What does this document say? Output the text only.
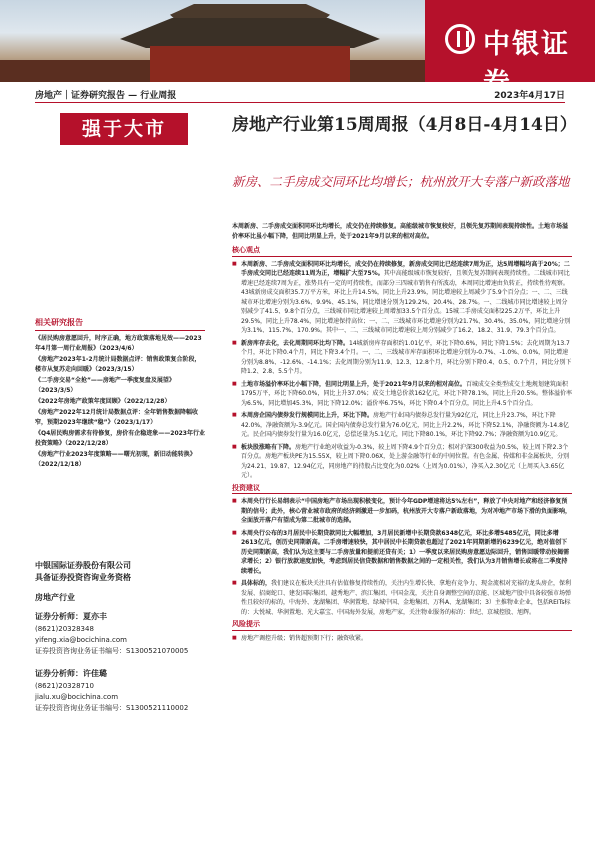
中银证券
房地产｜证券研究报告 — 行业周报	2023年4月17日
强于大市	房地产行业第15周周报（4月8日-4月14日）
新房、二手房成交同环比均增长；杭州放开大专落户新政落地
相关研究报告
《居民购房意愿回升，时序正确，地方政策落地见效——2023年4月第一周行业周报》（2023/4/6）
《房地产2023年1-2月统计局数据点评：销售政策复合阶段，楼市从复苏走向回暖》（2023/3/15）
《二手房交易“全抢”——房地产一季度复盘及展望》（2023/3/5）
《2022年房地产政策年度回顾》（2022/12/28）
《房地产2022年12月统计局数据点评：全年销售数据降幅收窄，预期2023年继续“稳”》（2023/1/17）
《Q4居民购房需求有待修复，房价有企稳迹象——2023年行业投资策略》（2022/12/28）
《房地产行业2023年度策略——曙光初现，新旧动能转换》（2022/12/18）
中银国际证券股份有限公司
具备证券投资咨询业务资格
房地产行业
证券分析师：夏亦丰
(8621)20328348
yifeng.xia@bocichina.com
证券投资咨询业务证书编号：S1300521070005
证券分析师：许佳璐
(8621)20328710
jialu.xu@bocichina.com
证券投资咨询业务证书编号：S1300521110002
本周新房、二手房成交面积同环比均增长，成交仍在持续修复。高能级城市恢复较好，且领先复苏期间表现持续性。土地市场溢价率环比虽小幅下降，但同比明显上升，处于2021年9月以来的相对高位。
核心观点
■ 本周新房、二手房成交面积同环比均增长，成交仍在持续修复，新房成交同比已经连续7周为正，达5周增幅均高于20%；二手房成交同比已经连续11周为正，增幅扩大至75%。其中高能级城市恢复较好，且领先复苏期间表现持续性。二线城市同比增速已经连续7周为正，涨势具有一定的可持续性，而部分三四城市销售有所波动，本周同比增速由负转正，持续性待观察。43城新房成交面积35.7万平方米，环比上升14.5%，同比上升23.9%，同比增速较上周减少了5.9个百分点；一、二、三线城市环比增速分别为3.6%、9.9%、45.1%，同比增速分别为129.2%、20.4%、28.7%。一、二线城市同比增速较上周分别减少了41.5、9.8个百分点，三线城市同比增速较上周增加33.5个百分点。15城二手房成交面积225.2万平，环比上升29.5%，同比上升78.4%，同比增速保持高位；一、二、三线城市环比增速分别为21.7%、30.4%、35.0%，同比增速分别为3.1%、115.7%、170.9%。其中一、二、三线城市同比增速较上周分别减少了16.2、18.2、31.9、79.3个百分点。
■ 新房库存去化，去化周期同环比均下降。14城新房库存面积约1.01亿平，环比下降0.6%，同比下降1.5%；去化周期为13.7个月，环比下降0.4个月，同比下降3.4个月。一、二、三线城市库存面积环比增速分别为-0.7%、-1.0%、0.0%，同比增速分别为8.8%、-12.6%、-14.1%；去化周期分别为11.9、12.3、12.8个月，环比分别下降0.4、0.5、0.7个月，同比分别下降1.2、2.8、5.5个月。
■ 土地市场溢价率环比小幅下降，但同比明显上升，处于2021年9月以来的相对高位。百城成交全类型成交土地规划建筑面积1795万平，环比下降60.0%，同比上升37.0%；成交土地总价款162亿元，环比下降78.1%，同比上升20.5%。整体溢价率为6.5%，同比增加45.3%，同比下降12.0%；溢价率6.75%，环比下降0.4个百分点，同比上升4.5个百分点。
■ 本周房企国内债券发行规模同比上升，环比下降。房地产行业国内债券总发行量为92亿元，同比上升23.7%，环比下降42.0%，净融资额为-3.9亿元。国企国内债券总发行量为76.0亿元，同比上升2.2%，环比下降52.1%，净融资额为-14.8亿元。民企国内债券发行量为16.0亿元，总偿还量为5.1亿元，同比下降80.1%，环比下降92.7%；净融资额为10.9亿元。
■ 板块股涨略有下降。房地产行业绝对收益为-0.3%，较上周下降4.9个百分点；相对沪深300收益为0.5%，较上周下降2.3个百分点。房地产板块PE为15.55X，较上周下降0.06X，处上游金融等行业的中间位置。有色金属、传媒和非金属板块，分别为24.21、19.87、12.94亿元，同房地产的持股占比变化为0.02%（上周为0.01%），净买入2.30亿元（上周买入3.65亿元）。
投资建议
■ 本周央行行长易纲表示“中国房地产市场出现积极变化，预计今年GDP增速将达5%左右”，释放了中央对地产和经济修复预期的信号；此外，核心营业城市政府的经济刺激进一步加码，杭州放开大专落户新政落地，为对冲地产市场下滑的负面影响，全面放开落户有望成为第二批城市的选择。
■ 本周央行公布的3月居民中长期贷款同比大幅增加，3月居民新增中长期贷款6348亿元，环比多增5485亿元，同比多增2613亿元，创历史同期新高。二手房增速较快，其中居民中长期贷款也超过了2021年同期新增的6239亿元，绝对值创下历史同期新高，我们认为这主要与二手房放量和提前还贷有关；1）一季度以来居民购房意愿边际回升，销售回暖带动按揭需求增长；2）银行放款速度加快，考虑到居民信贷数据和销售数据之间的一定相关性，我们认为3月销售增长或将在二季度持续增长。
■ 具体标的，我们建议在板块关注具有估值修复持续性的，关注内生增长快、拿地有竞争力、现金流相对充裕的龙头房企，保利发展、招商蛇口、建发国际集团、越秀地产、滨江集团、中国金茂，关注自身调整空间的京能、区域地产股中具备较强市场弹性且较好的标的，中海外、龙湖集团、华润置地、绿城中国、金地集团、万科A、龙湖集团；3）主推物业企业，包括REITs标的：大悦城、华润置地、光大嘉宝、中国海外发展，房地产家，关注物业服务的标的：世纪、京城控股、旭辉。
风险提示
■ 房地产调控升级；销售超预期下行；融资收紧。
